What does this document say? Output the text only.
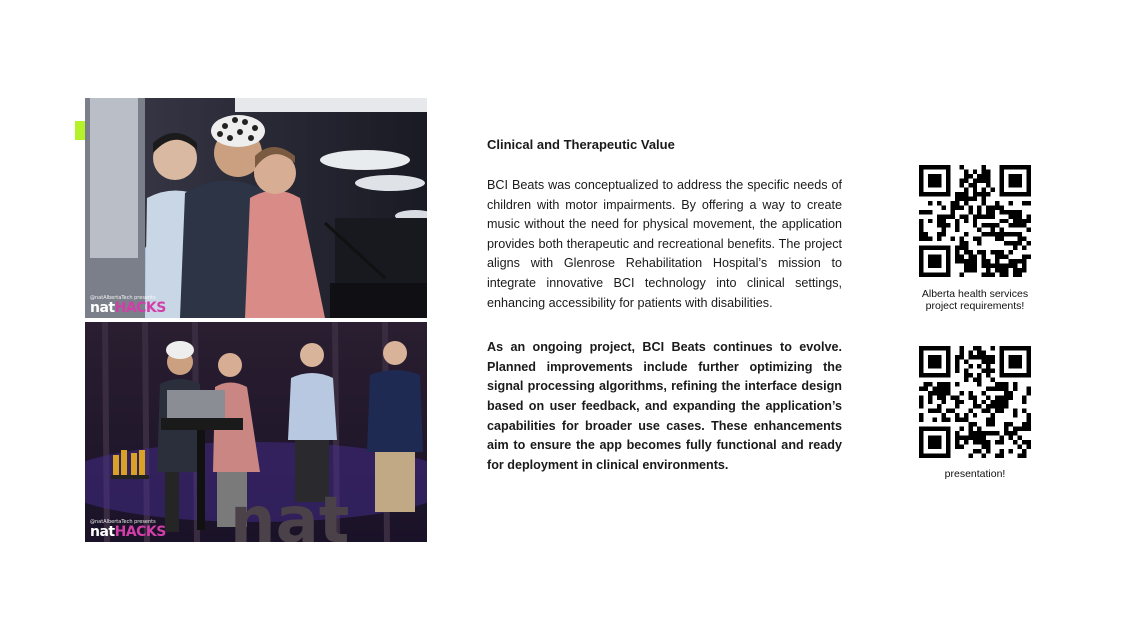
@natAlbertaTech presents
natHACKS
nat
@natAlbertaTech presents
natHACKS
Clinical and Therapeutic Value

BCI Beats was conceptualized to address the specific needs of children with motor impairments. By offering a way to create music without the need for physical movement, the application provides both therapeutic and recreational benefits. The project aligns with Glenrose Rehabilitation Hospital’s mission to integrate innovative BCI technology into clinical settings, enhancing accessibility for patients with disabilities.

As an ongoing project, BCI Beats continues to evolve. Planned improvements include further optimizing the signal processing algorithms, refining the interface design based on user feedback, and expanding the application’s capabilities for broader use cases. These enhancements aim to ensure the app becomes fully functional and ready for deployment in clinical environments.

Alberta health services
project requirements!
presentation!
